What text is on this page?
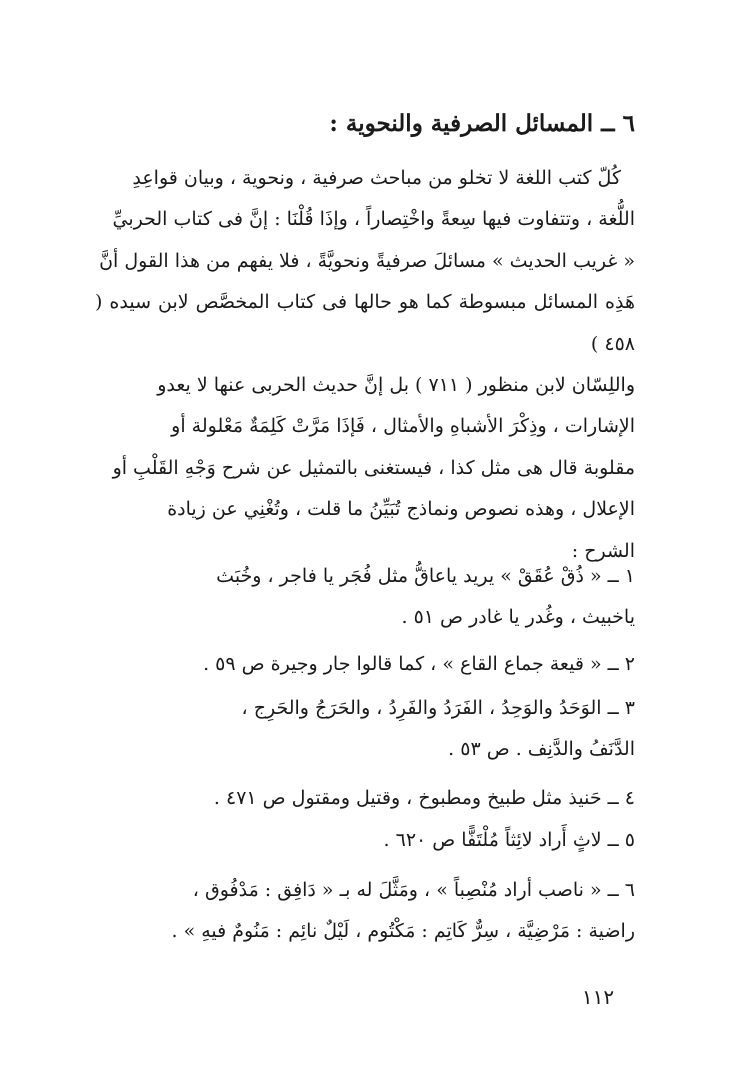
٦ ــ المسائل الصرفية والنحوية :
كُلّ كتب اللغة لا تخلو من مباحث صرفية ، ونحوية ، وبيان قواعِدِ
اللُّغة ، وتتفاوت فيها سِعةً واخْتِصاراً ، وإذَا قُلْنَا : إنَّ فى كتاب الحربيِّ
« غريب الحديث » مسائلَ صرفيةً ونحويَّةً ، فلا يفهم من هذا القول أنَّ
هَذِه المسائل مبسوطة كما هو حالها فى كتاب المخصَّص لابن سيده ( ٤٥٨ )
واللِسّان لابن منظور ( ٧١١ ) بل إنَّ حديث الحربى عنها لا يعدو
الإشارات ، وذِكْرَ الأشباهِ والأمثال ، فَإذَا مَرَّتْ كَلِمَةٌ مَعْلولة أو
مقلوبة قال هى مثل كذا ، فيستغنى بالتمثيل عن شرح وَجْهِ القَلْبِ أو
الإعلال ، وهذه نصوص ونماذج تُبَيِّنُ ما قلت ، وتُغْنِي عن زيادة
الشرح :
١ ــ « ذُقْ عُقَقْ » يريد ياعاقُّ مثل فُجَر يا فاجر ، وخُبَث
ياخبيث ، وغُدر يا غادر ص ٥١ .
٢ ــ « قيعة جماع القاع » ، كما قالوا جار وجيرة ص ٥٩ .
٣ ــ الوَحَدُ والوَحِدُ ، الفَرَدُ والفَرِدُ ، والحَرَجُ والحَرِج ،
الدَّنَفُ والدَّنِف . ص ٥٣ .
٤ ــ حَنيذ مثل طبيخ ومطبوخ ، وقتيل ومقتول ص ٤٧١ .
٥ ــ لاثٍ أَراد لائِثاً مُلْتَفًّا ص ٦٢٠ .
٦ ــ « ناصب أراد مُنْصِباً » ، ومَثَّلَ له بـ « دَافِق : مَدْفُوق ،
راضية : مَرْضِيَّة ، سِرٌّ كَاتِم : مَكْتُوم ، لَيْلٌ نائِم : مَنُومٌ فيهِ » .
١١٢
